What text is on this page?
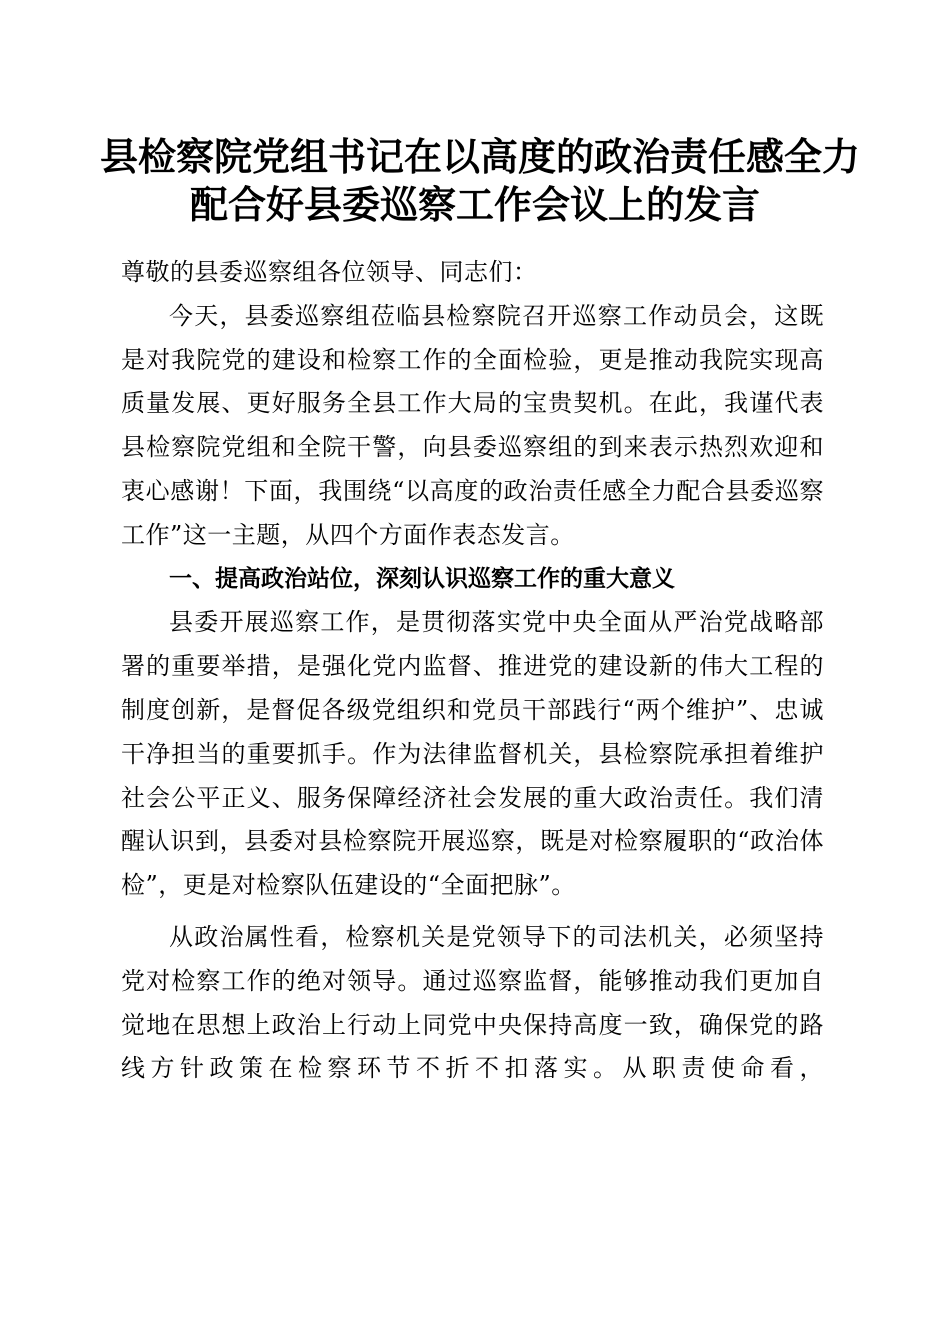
县检察院党组书记在以高度的政治责任感全力
配合好县委巡察工作会议上的发言

尊敬的县委巡察组各位领导、同志们：

今天，县委巡察组莅临县检察院召开巡察工作动员会，这既是对我院党的建设和检察工作的全面检验，更是推动我院实现高质量发展、更好服务全县工作大局的宝贵契机。在此，我谨代表县检察院党组和全院干警，向县委巡察组的到来表示热烈欢迎和衷心感谢！下面，我围绕“以高度的政治责任感全力配合县委巡察工作”这一主题，从四个方面作表态发言。

一、提高政治站位，深刻认识巡察工作的重大意义

县委开展巡察工作，是贯彻落实党中央全面从严治党战略部署的重要举措，是强化党内监督、推进党的建设新的伟大工程的制度创新，是督促各级党组织和党员干部践行“两个维护”、忠诚干净担当的重要抓手。作为法律监督机关，县检察院承担着维护社会公平正义、服务保障经济社会发展的重大政治责任。我们清醒认识到，县委对县检察院开展巡察，既是对检察履职的“政治体检”，更是对检察队伍建设的“全面把脉”。

从政治属性看，检察机关是党领导下的司法机关，必须坚持党对检察工作的绝对领导。通过巡察监督，能够推动我们更加自觉地在思想上政治上行动上同党中央保持高度一致，确保党的路线方针政策在检察环节不折不扣落实。从职责使命看，
